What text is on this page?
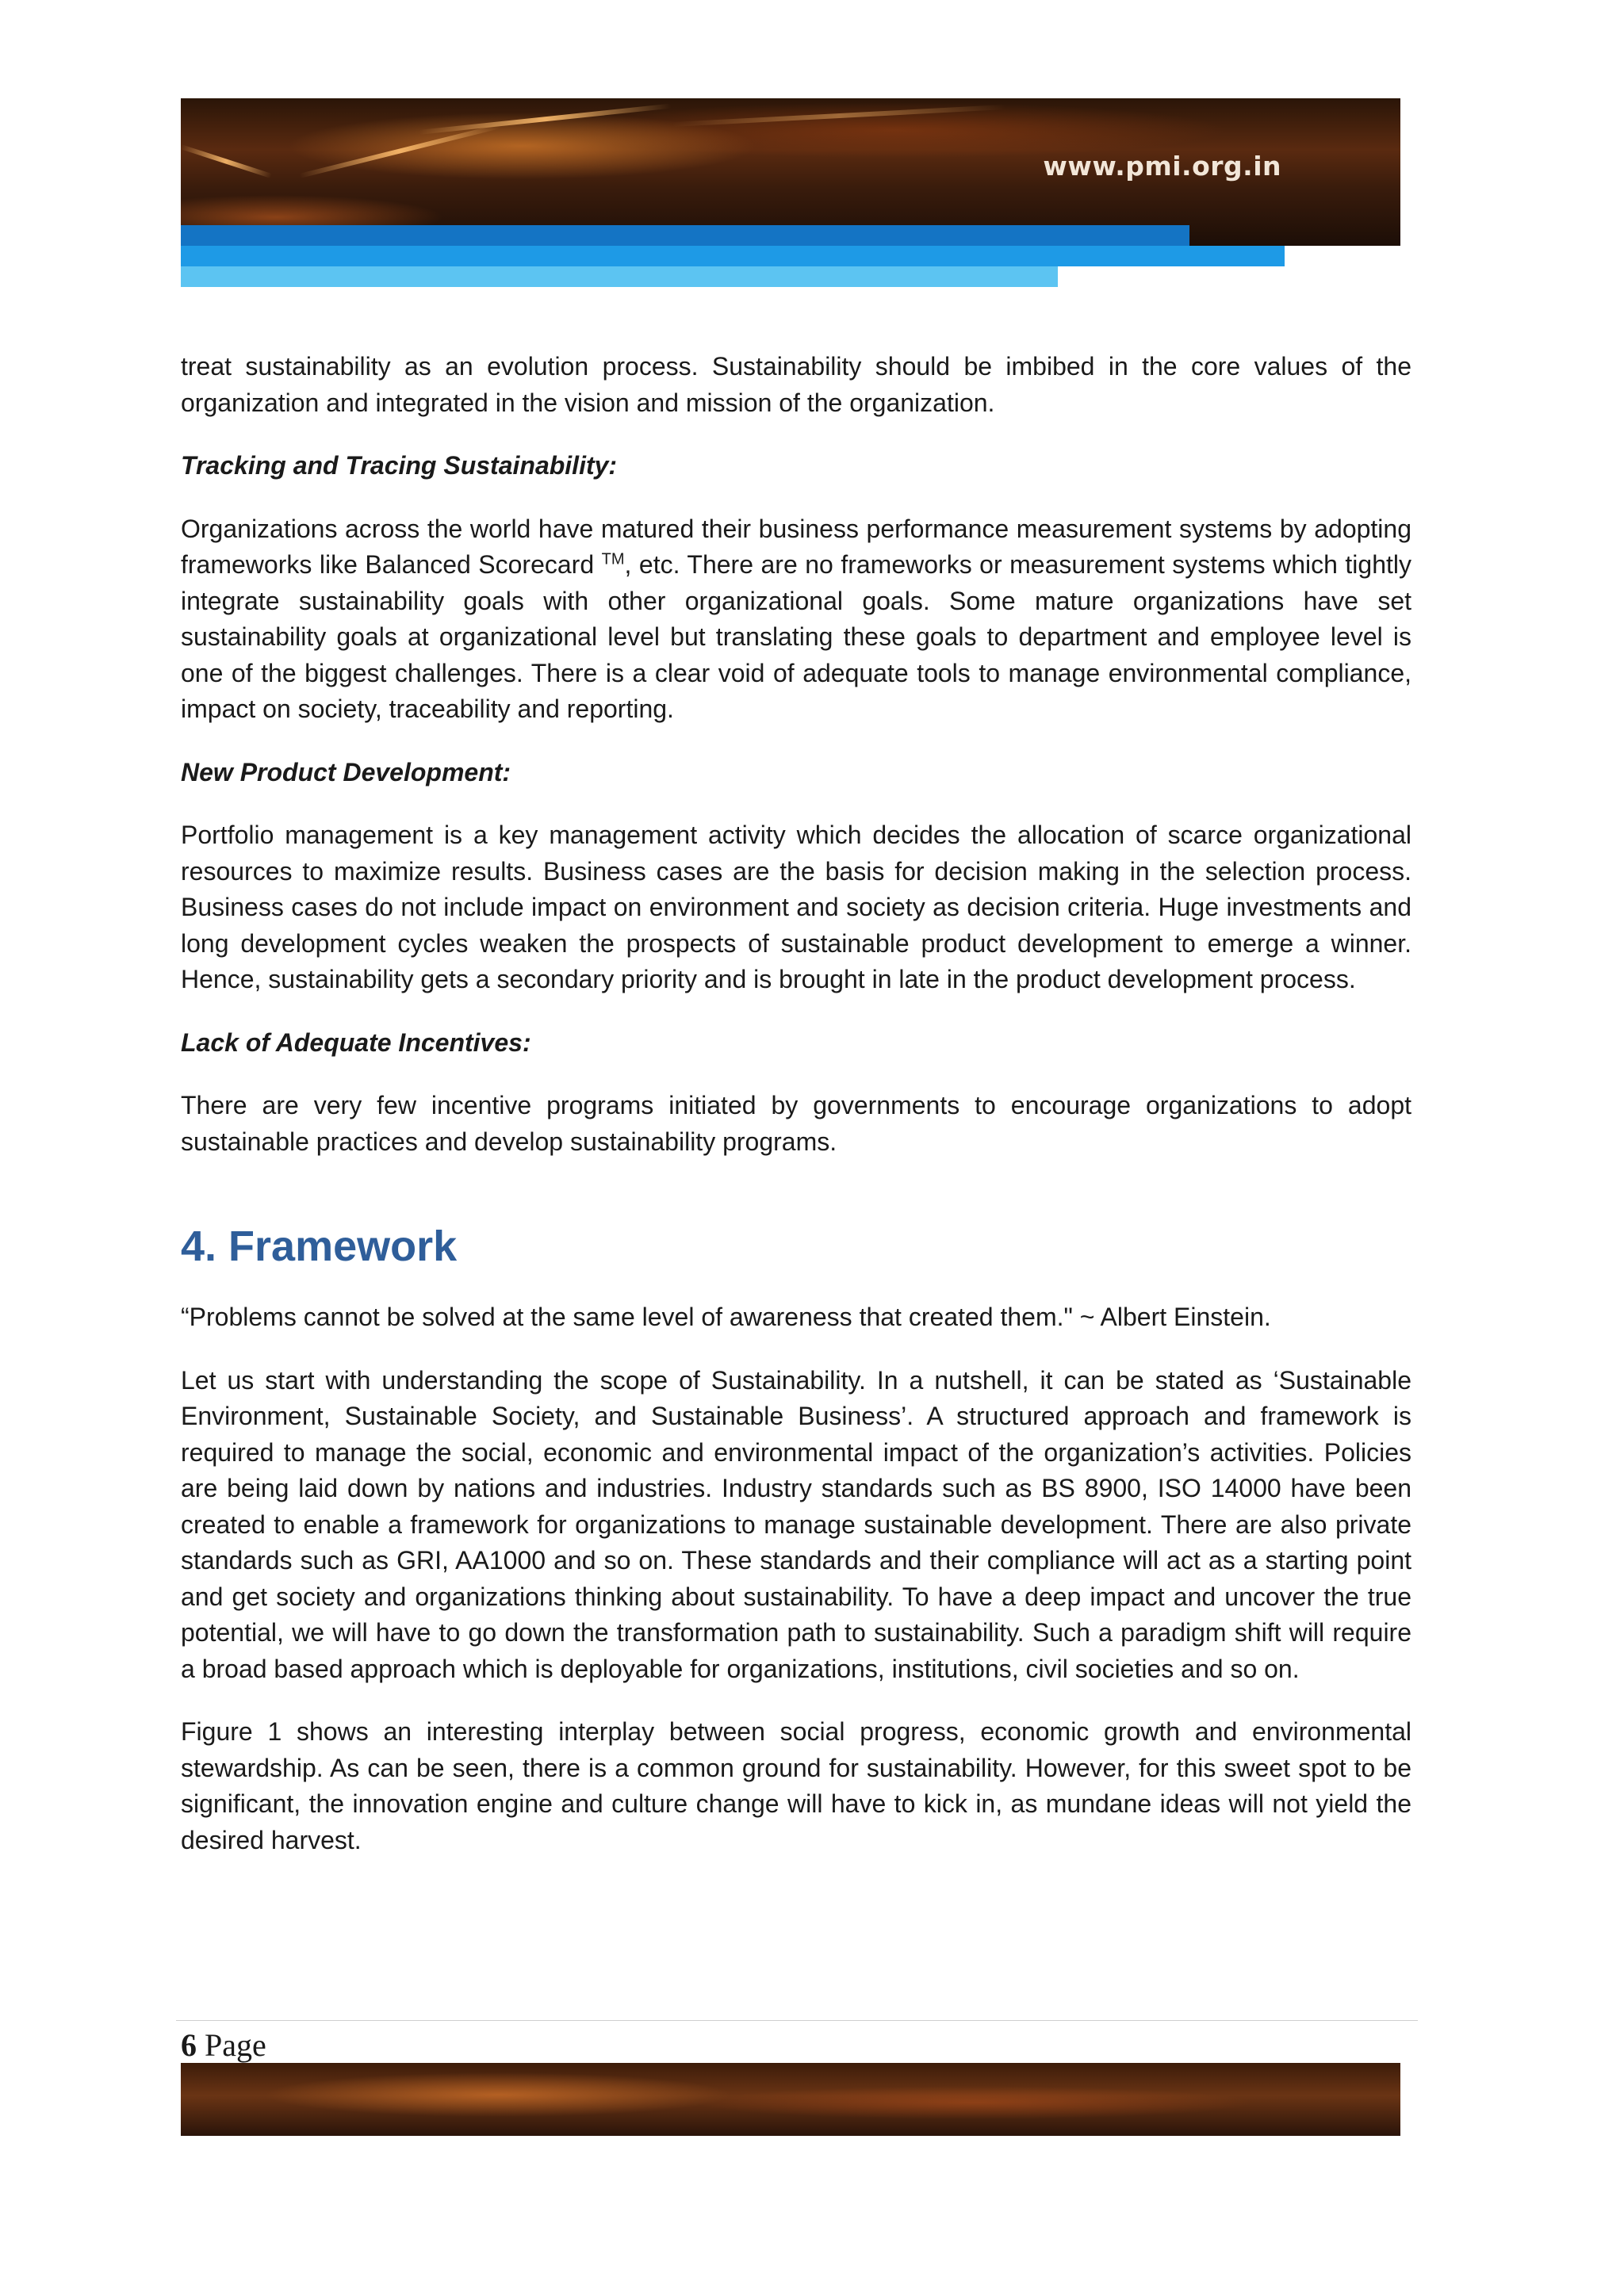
www.pmi.org.in

treat sustainability as an evolution process. Sustainability should be imbibed in the core values of the organization and integrated in the vision and mission of the organization.

Tracking and Tracing Sustainability:

Organizations across the world have matured their business performance measurement systems by adopting frameworks like Balanced Scorecard ™, etc. There are no frameworks or measurement systems which tightly integrate sustainability goals with other organizational goals. Some mature organizations have set sustainability goals at organizational level but translating these goals to department and employee level is one of the biggest challenges. There is a clear void of adequate tools to manage environmental compliance, impact on society, traceability and reporting.

New Product Development:

Portfolio management is a key management activity which decides the allocation of scarce organizational resources to maximize results. Business cases are the basis for decision making in the selection process. Business cases do not include impact on environment and society as decision criteria. Huge investments and long development cycles weaken the prospects of sustainable product development to emerge a winner. Hence, sustainability gets a secondary priority and is brought in late in the product development process.

Lack of Adequate Incentives:

There are very few incentive programs initiated by governments to encourage organizations to adopt sustainable practices and develop sustainability programs.

4. Framework

“Problems cannot be solved at the same level of awareness that created them." ~ Albert Einstein.

Let us start with understanding the scope of Sustainability. In a nutshell, it can be stated as ‘Sustainable Environment, Sustainable Society, and Sustainable Business’. A structured approach and framework is required to manage the social, economic and environmental impact of the organization’s activities. Policies are being laid down by nations and industries. Industry standards such as BS 8900, ISO 14000 have been created to enable a framework for organizations to manage sustainable development. There are also private standards such as GRI, AA1000 and so on. These standards and their compliance will act as a starting point and get society and organizations thinking about sustainability. To have a deep impact and uncover the true potential, we will have to go down the transformation path to sustainability. Such a paradigm shift will require a broad based approach which is deployable for organizations, institutions, civil societies and so on.

Figure 1 shows an interesting interplay between social progress, economic growth and environmental stewardship. As can be seen, there is a common ground for sustainability. However, for this sweet spot to be significant, the innovation engine and culture change will have to kick in, as mundane ideas will not yield the desired harvest.

6 Page
